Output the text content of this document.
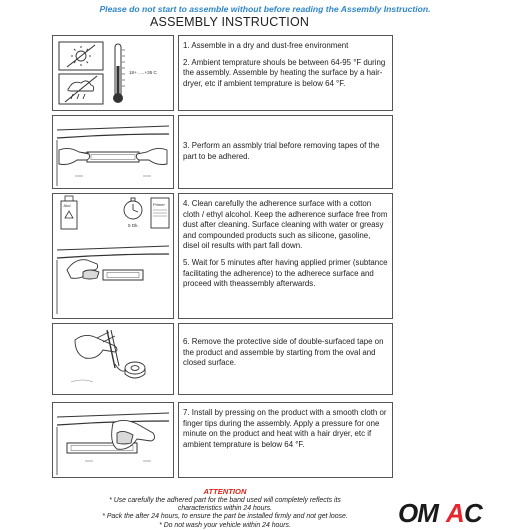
Please do not start to assemble without before reading the Assembly Instruction.
ASSEMBLY INSTRUCTION
18+ .....+35 C

1. Assemble in a dry and dust-free environment

2. Ambient temprature shouls be between 64-95 °F during the assembly. Assemble by heating the surface by a hair-dryer, etc if ambient temprature is below 64 °F.

3. Perform an assmbly trial before removing tapes of the part to be adhered.

Alkol
5 Dk.
Primer 4. Clean carefully the adherence surface with a cotton cloth / ethyl alcohol. Keep the adherence surface free from dust after cleaning. Surface cleaning with water or greasy and compounded products such as silicone, gasoline, disel oil results with part fall down.

5. Wait for 5 minutes after having applied primer (subtance facilitating the adherence) to the adherece surface and proceed with theassembly afterwards.

6. Remove the protective side of double-surfaced tape on the product and assemble by starting from the oval and closed surface.

7. Install by pressing on the product with a smooth cloth or finger tips during the assembly. Apply a pressure for one minute on the product and heat with a hair dryer, etc if ambient temprature is below 64 °F.

ATTENTION
* Use carefully the adhered part for the band used will completely reflects its
characteristics within 24 hours.
* Pack the after 24 hours, to ensure the part be installed firmly and not get loose.
* Do not wash your vehicle within 24 hours.	OM A C
